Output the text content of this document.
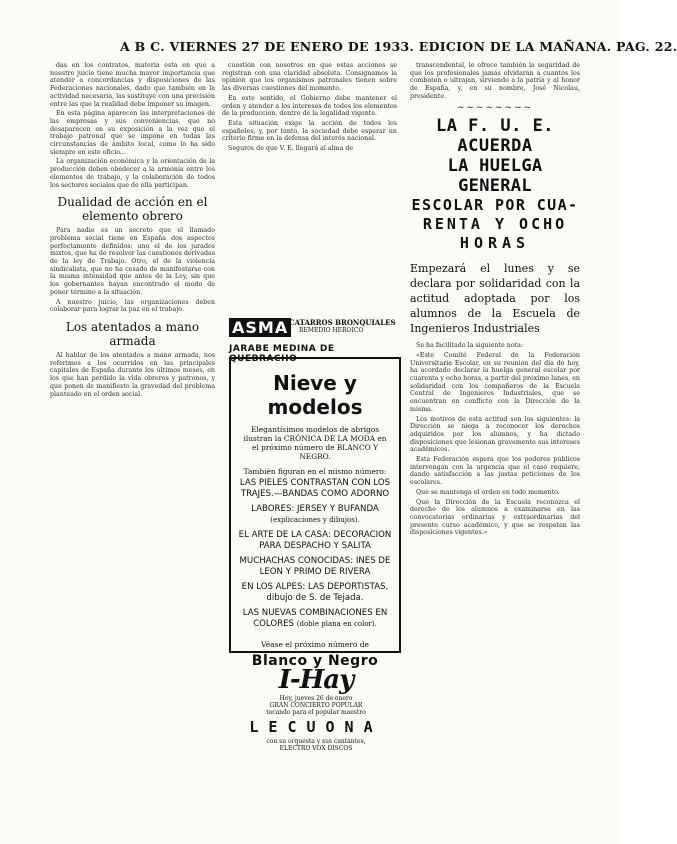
A B C. VIERNES 27 DE ENERO DE 1933. EDICION DE LA MAÑANA. PAG. 22.

das en los contratos, materia esta en que a nuestro juicio tiene mucha mayor importancia que atender a concordancias y disposiciones de las Federaciones nacionales, dado que también en la actividad necesaria, las sustituye con una precisión entre las que la realidad debe imponer su imagen.

En esta página aparecen las interpretaciones de las empresas y sus conveniencias, que no desaparecen en su exposición a la vez que el trabajo patronal que se impone en todas las circunstancias de ámbito local, como lo ha sido siempre en este oficio...

La organización económica y la orientación de la producción deben obedecer a la armonía entre los elementos de trabajo, y la colaboración de todos los sectores sociales que de ella participan.

Dualidad de acción en el elemento obrero

Para nadie es un secreto que el llamado problema social tiene en España dos aspectos perfectamente definidos: uno el de los jurados mixtos, que ha de resolver las cuestiones derivadas de la ley de Trabajo. Otro, el de la violencia sindicalista, que no ha cesado de manifestarse con la misma intensidad que antes de la Ley, sin que los gobernantes hayan encontrado el modo de poner término a la situación.

A nuestro juicio, las organizaciones deben colaborar para lograr la paz en el trabajo.

Los atentados a mano armada

Al hablar de los atentados a mano armada, nos referimos a los ocurridos en las principales capitales de España durante los últimos meses, en los que han perdido la vida obreros y patronos, y que ponen de manifiesto la gravedad del problema planteado en el orden social.

cuestión con nosotros en que estas acciones se registran con una claridad absoluta. Consignamos la opinión que los organismos patronales tienen sobre las diversas cuestiones del momento.

En este sentido, el Gobierno debe mantener el orden y atender a los intereses de todos los elementos de la producción, dentro de la legalidad vigente.

Esta situación exige la acción de todos los españoles, y, por tanto, la sociedad debe esperar un criterio firme en la defensa del interés nacional.

Seguros de que V. E. llegará al alma de

ASMA CATARROS BRONQUIALES
REMEDIO HEROICO
JARABE MEDINA DE QUEBRACHO
Nieve y modelos
Elegantísimos modelos de abrigos ilustran la CRÓNICA DE LA MODA en el próximo número de BLANCO Y NEGRO.
También figuran en el mismo número:
LAS PIELES CONTRASTAN CON LOS TRAJES.—BANDAS COMO ADORNO
LABORES: JERSEY Y BUFANDA (explicaciones y dibujos).
EL ARTE DE LA CASA: DECORACION PARA DESPACHO Y SALITA
MUCHACHAS CONOCIDAS: INES DE LEON Y PRIMO DE RIVERA
EN LOS ALPES: LAS DEPORTISTAS, dibujo de S. de Tejada.
LAS NUEVAS COMBINACIONES EN COLORES (doble plana en color).
Véase el próximo número de
Blanco y Negro
I-Hay
Hoy, jueves 26 de enero
GRAN CONCIERTO POPULAR
tocando para el popular maestro
LECUONA
con su orquesta y sus cantantes,
ELECTRO VOX DISCOS

transcendental, le ofrece también la seguridad de que los profesionales jamás olvidarán a cuantos los combaten o ultrajan, sirviendo a la patria y al honor de España, y, en su nombre, José Nicolau, presidente.

~~~~~~~~
LA F. U. E. ACUERDA
LA HUELGA GENERAL
ESCOLAR POR CUA-
RENTA Y OCHO
HORAS
Empezará el lunes y se declara por solidaridad con la actitud adoptada por los alumnos de la Escuela de Ingenieros Industriales

Se ha facilitado la siguiente nota:

«Este Comité Federal de la Federación Universitaria Escolar, en su reunión del día de hoy, ha acordado declarar la huelga general escolar por cuarenta y ocho horas, a partir del próximo lunes, en solidaridad con los compañeros de la Escuela Central de Ingenieros Industriales, que se encuentran en conflicto con la Dirección de la misma.

Los motivos de esta actitud son los siguientes: la Dirección se niega a reconocer los derechos adquiridos por los alumnos, y ha dictado disposiciones que lesionan gravemente sus intereses académicos.

Esta Federación espera que los poderes públicos intervengan con la urgencia que el caso requiere, dando satisfacción a las justas peticiones de los escolares.

Que se mantenga el orden en todo momento.

Que la Dirección de la Escuela reconozca el derecho de los alumnos a examinarse en las convocatorias ordinarias y extraordinarias del presente curso académico, y que se respeten las disposiciones vigentes.»
